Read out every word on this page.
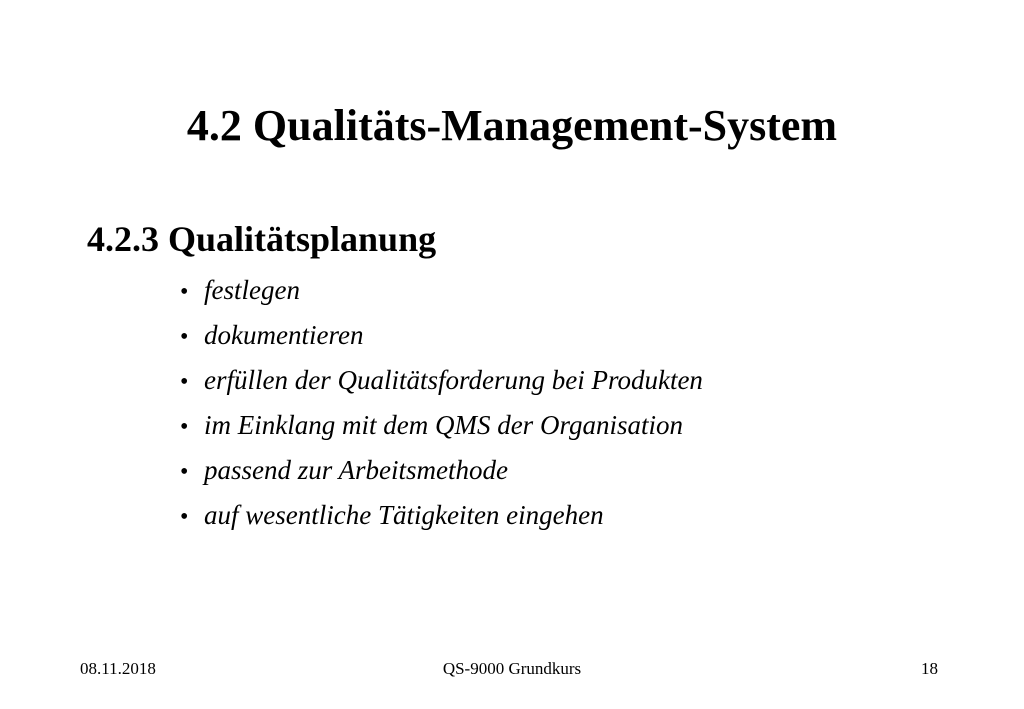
4.2 Qualitäts-Management-System
4.2.3 Qualitätsplanung
• festlegen
• dokumentieren
• erfüllen der Qualitätsforderung bei Produkten
• im Einklang mit dem QMS der Organisation
• passend zur Arbeitsmethode
• auf wesentliche Tätigkeiten eingehen
08.11.2018	QS-9000 Grundkurs	18
